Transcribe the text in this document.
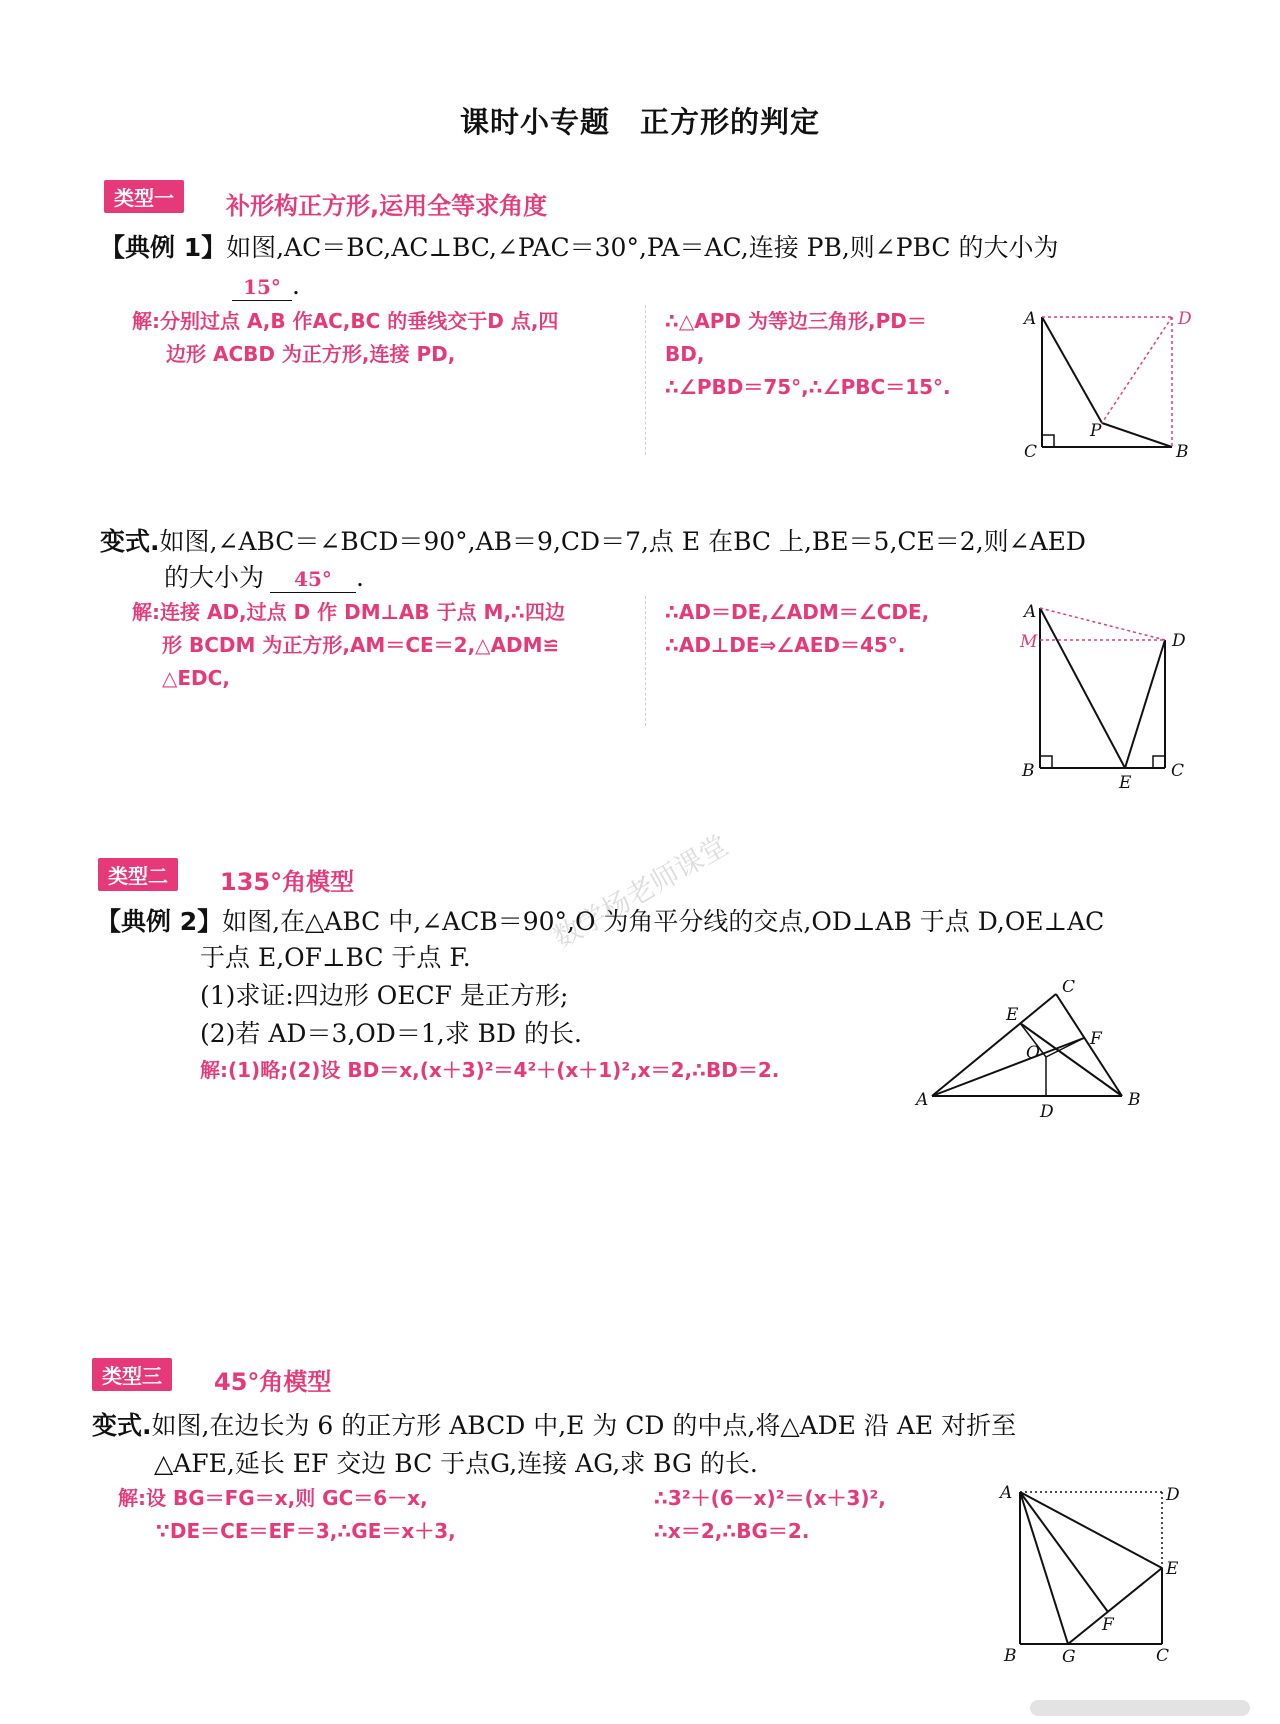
课时小专题　正方形的判定
类型一	补形构正方形,运用全等求角度
【典例 1】如图,AC＝BC,AC⊥BC,∠PAC＝30°,PA＝AC,连接 PB,则∠PBC 的大小为
15° .
解:分别过点 A,B 作AC,BC 的垂线交于D 点,四
边形 ACBD 为正方形,连接 PD,
∴△APD 为等边三角形,PD＝
BD,
∴∠PBD＝75°,∴∠PBC＝15°.
A	D
P
C	B
变式.如图,∠ABC＝∠BCD＝90°,AB＝9,CD＝7,点 E 在BC 上,BE＝5,CE＝2,则∠AED
的大小为 45° .
解:连接 AD,过点 D 作 DM⊥AB 于点 M,∴四边
形 BCDM 为正方形,AM＝CE＝2,△ADM≌
△EDC,
∴AD＝DE,∠ADM＝∠CDE,
∴AD⊥DE⇒∠AED＝45°.
A
M	D
B
E
C
数学杨老师课堂
类型二	135°角模型
【典例 2】如图,在△ABC 中,∠ACB＝90°,O 为角平分线的交点,OD⊥AB 于点 D,OE⊥AC
于点 E,OF⊥BC 于点 F.
(1)求证:四边形 OECF 是正方形;
(2)若 AD＝3,OD＝1,求 BD 的长.
解:(1)略;(2)设 BD＝x,(x＋3)²＝4²＋(x＋1)²,x＝2,∴BD＝2.
A	B
C
D
E
F
O
类型三	45°角模型
变式.如图,在边长为 6 的正方形 ABCD 中,E 为 CD 的中点,将△ADE 沿 AE 对折至
△AFE,延长 EF 交边 BC 于点G,连接 AG,求 BG 的长.
解:设 BG＝FG＝x,则 GC＝6－x,
∵DE＝CE＝EF＝3,∴GE＝x＋3,
∴3²＋(6－x)²＝(x＋3)²,
∴x＝2,∴BG＝2.
A	D
E
F
B	G	C
